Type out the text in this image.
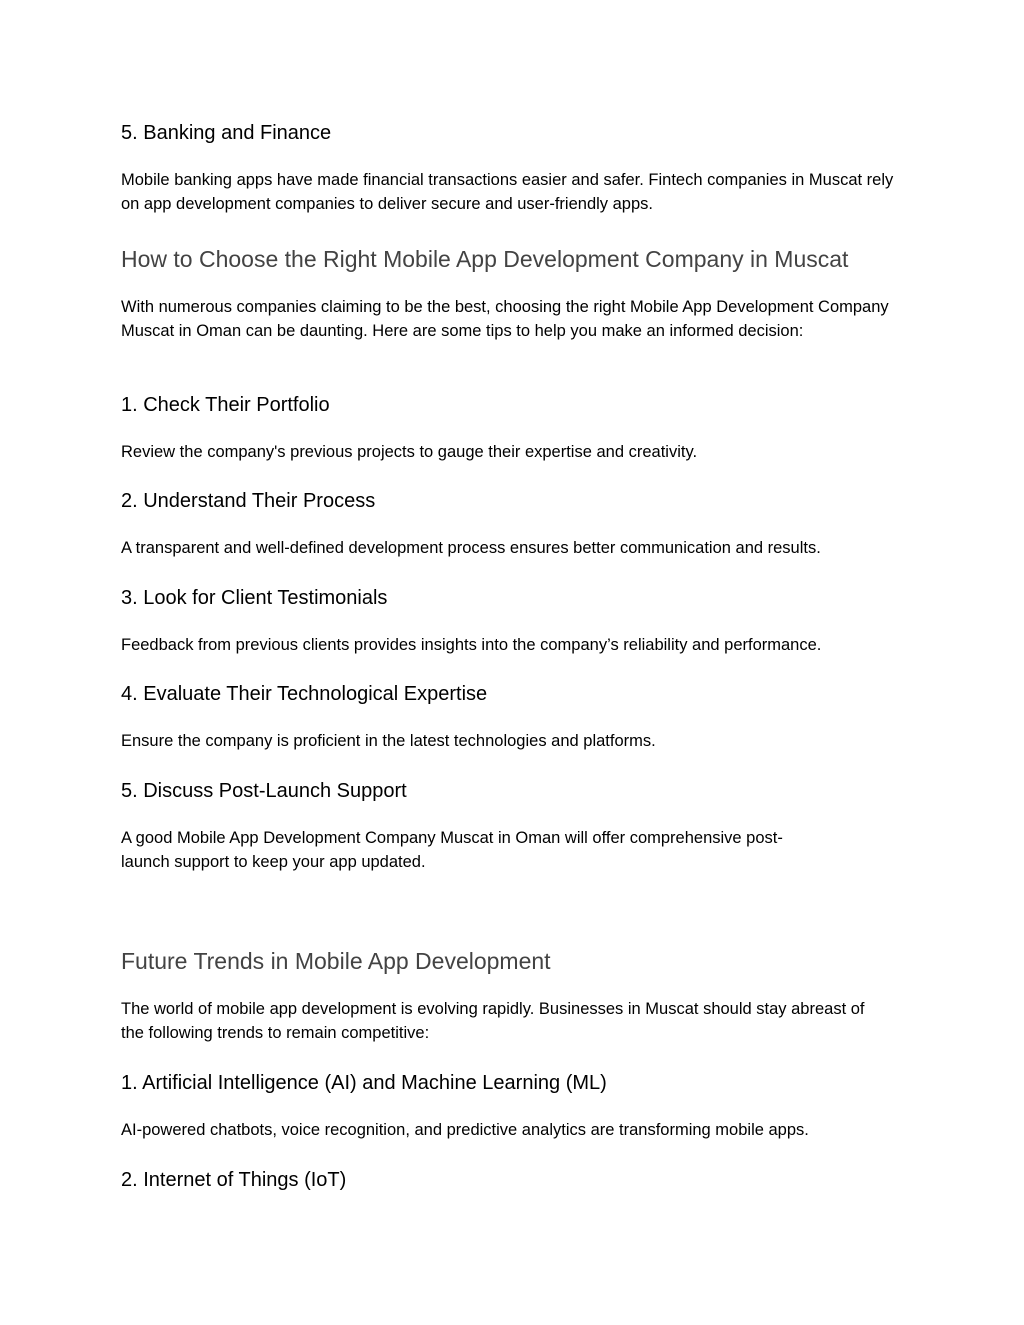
5. Banking and Finance

Mobile banking apps have made financial transactions easier and safer. Fintech companies in Muscat rely on app development companies to deliver secure and user-friendly apps.

How to Choose the Right Mobile App Development Company in Muscat

With numerous companies claiming to be the best, choosing the right Mobile App Development Company Muscat in Oman can be daunting. Here are some tips to help you make an informed decision:

1. Check Their Portfolio

Review the company's previous projects to gauge their expertise and creativity.

2. Understand Their Process

A transparent and well-defined development process ensures better communication and results.

3. Look for Client Testimonials

Feedback from previous clients provides insights into the company’s reliability and performance.

4. Evaluate Their Technological Expertise

Ensure the company is proficient in the latest technologies and platforms.

5. Discuss Post-Launch Support

A good Mobile App Development Company Muscat in Oman will offer comprehensive post-launch support to keep your app updated.

Future Trends in Mobile App Development

The world of mobile app development is evolving rapidly. Businesses in Muscat should stay abreast of the following trends to remain competitive:

1. Artificial Intelligence (AI) and Machine Learning (ML)

AI-powered chatbots, voice recognition, and predictive analytics are transforming mobile apps.

2. Internet of Things (IoT)
